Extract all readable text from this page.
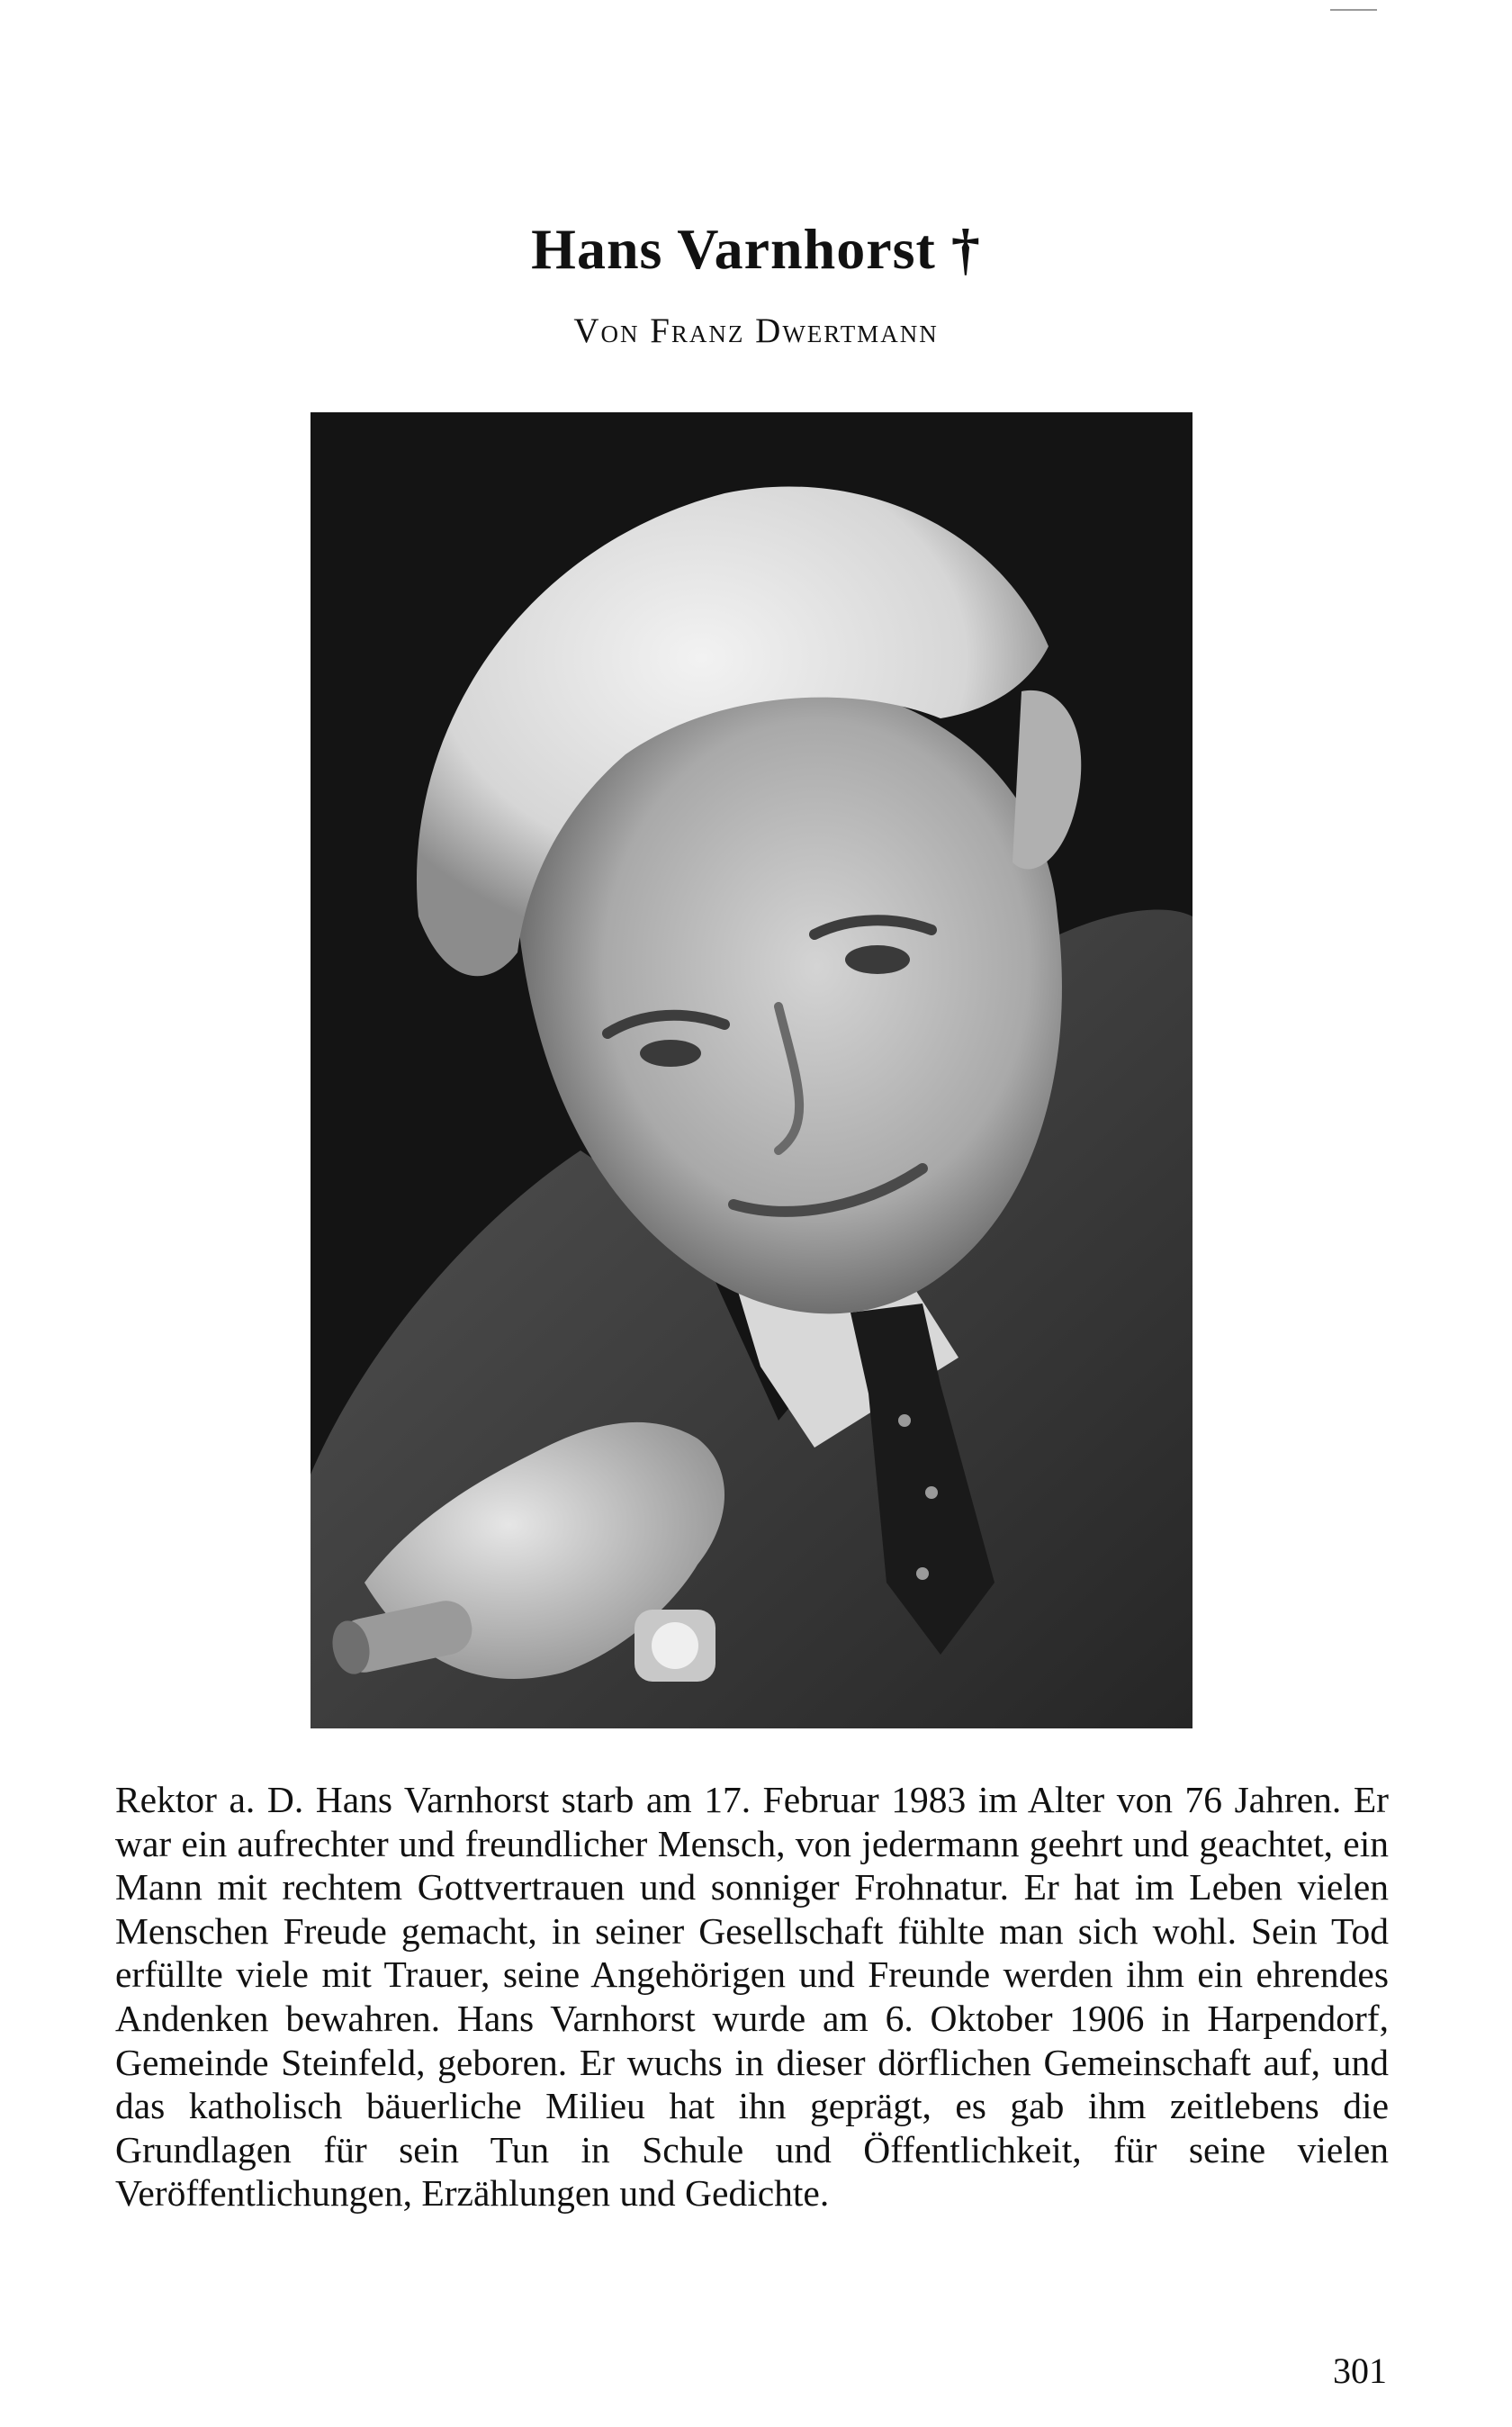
Hans Varnhorst †
Von Franz Dwertmann

Rektor a. D. Hans Varnhorst starb am 17. Februar 1983 im Alter von 76 Jahren. Er war ein aufrechter und freundlicher Mensch, von jedermann geehrt und geachtet, ein Mann mit rechtem Gottvertrauen und sonniger Frohnatur. Er hat im Leben vielen Menschen Freude gemacht, in seiner Gesellschaft fühlte man sich wohl. Sein Tod erfüllte viele mit Trauer, seine Angehörigen und Freunde werden ihm ein ehrendes Andenken bewahren. Hans Varnhorst wurde am 6. Oktober 1906 in Harpendorf, Gemeinde Steinfeld, geboren. Er wuchs in dieser dörflichen Gemeinschaft auf, und das katholisch bäuerliche Milieu hat ihn geprägt, es gab ihm zeitlebens die Grundlagen für sein Tun in Schule und Öffentlichkeit, für seine vielen Veröffentlichungen, Erzählungen und Gedichte.

301
